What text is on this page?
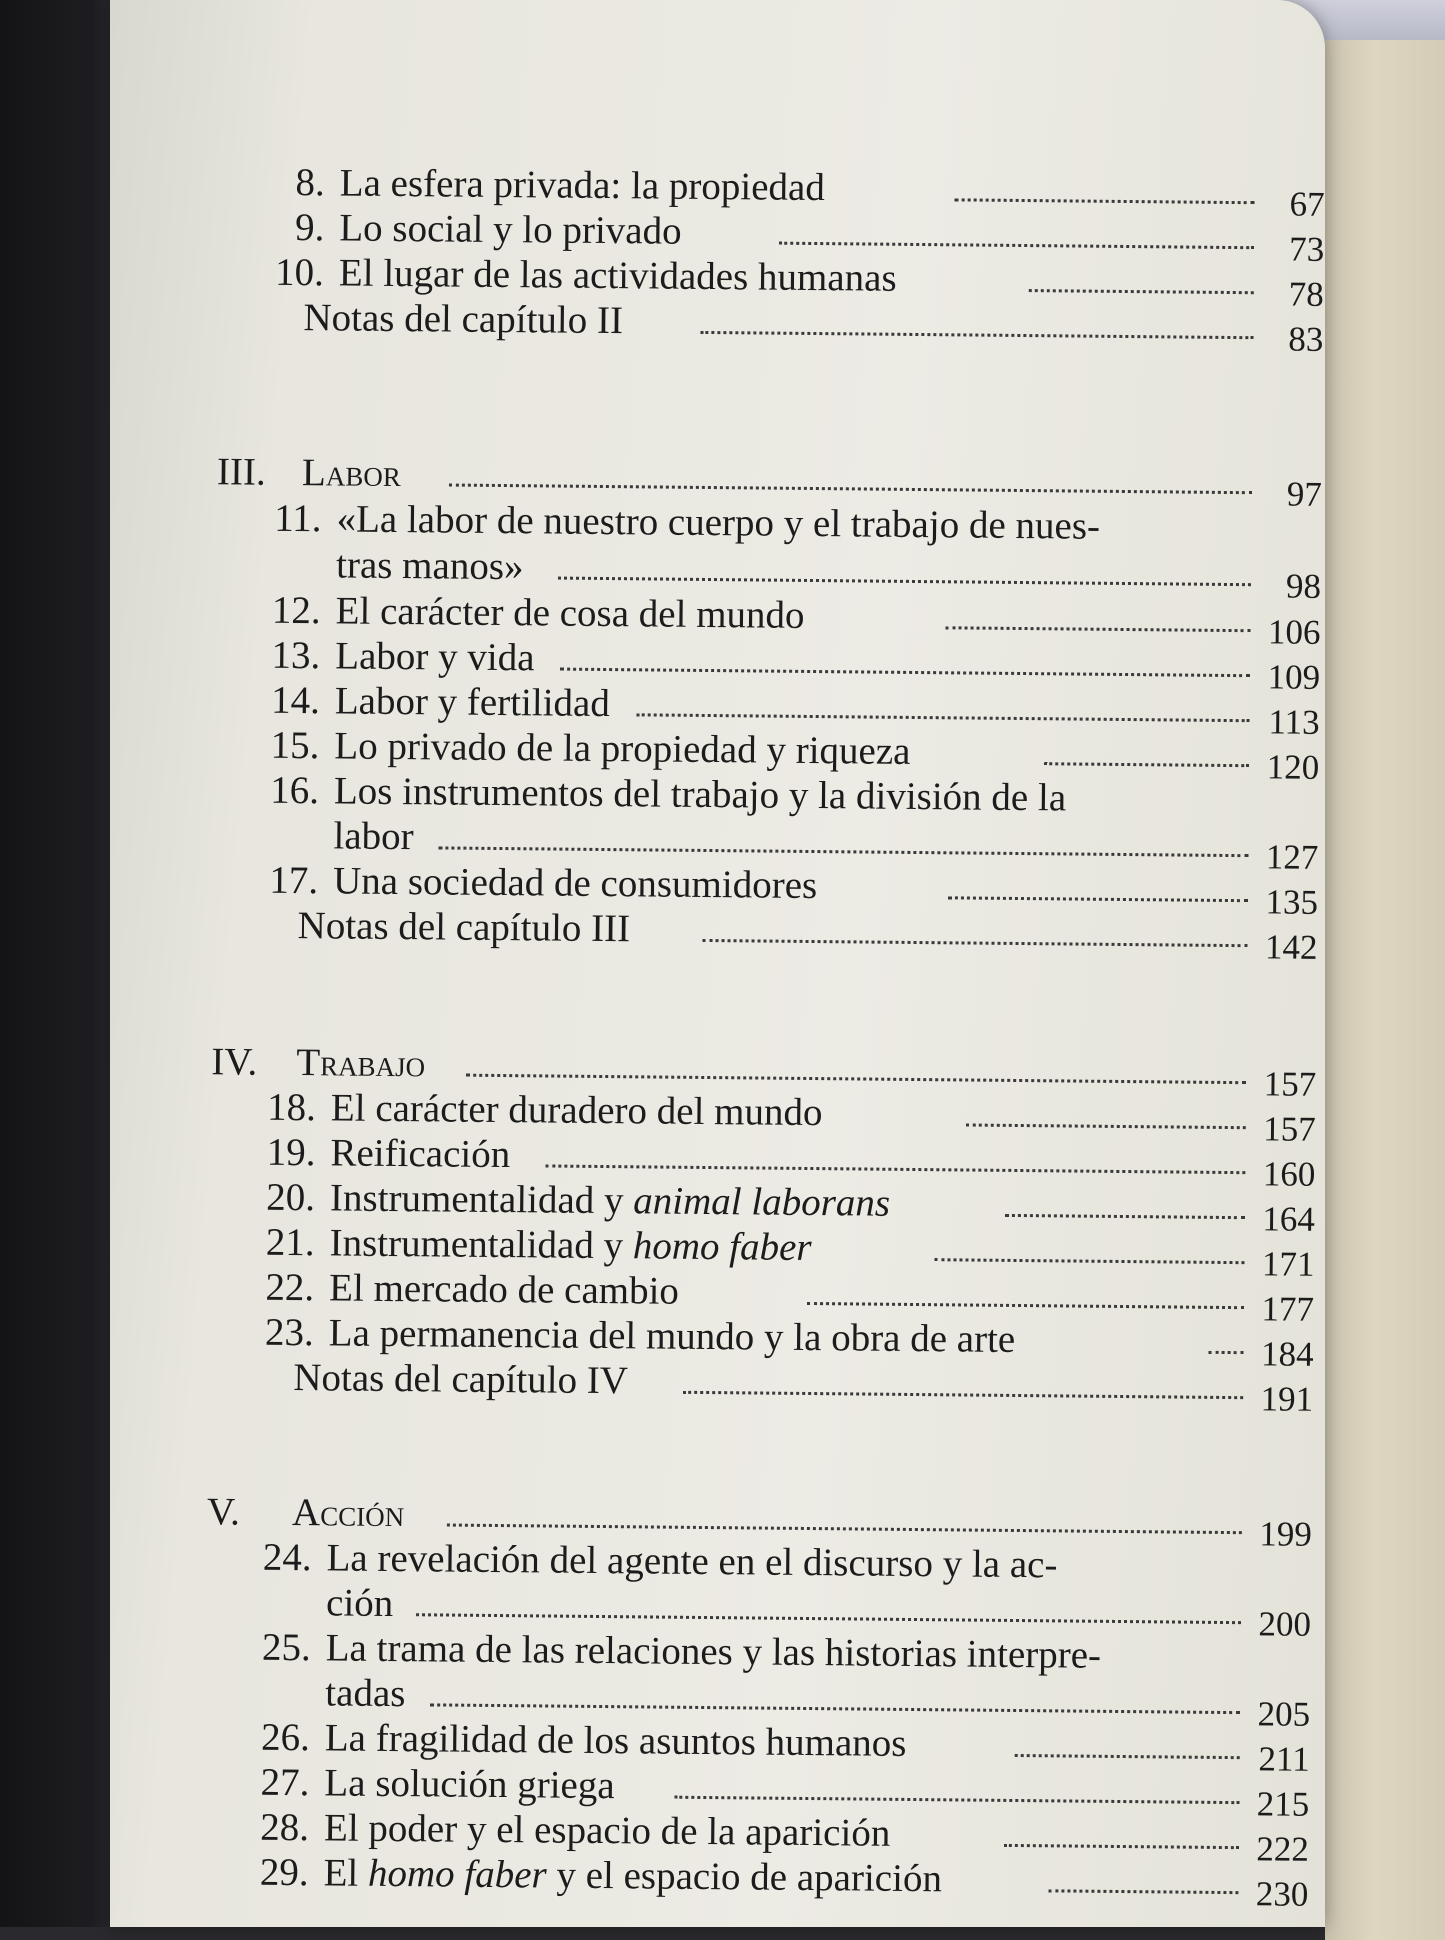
8. La esfera privada: la propiedad	67
9. Lo social y lo privado	73
10. El lugar de las actividades humanas	78
Notas del capítulo II	83
III. Labor	97
11. «La labor de nuestro cuerpo y el trabajo de nues-
tras manos»	98
12. El carácter de cosa del mundo	106
13. Labor y vida	109
14. Labor y fertilidad	113
15. Lo privado de la propiedad y riqueza	120
16. Los instrumentos del trabajo y la división de la
labor	127
17. Una sociedad de consumidores	135
Notas del capítulo III	142
IV. Trabajo	157
18. El carácter duradero del mundo	157
19. Reificación	160
20. Instrumentalidad y animal laborans	164
21. Instrumentalidad y homo faber	171
22. El mercado de cambio	177
23. La permanencia del mundo y la obra de arte	184
Notas del capítulo IV	191
V. Acción	199
24. La revelación del agente en el discurso y la ac-
ción	200
25. La trama de las relaciones y las historias interpre-
tadas	205
26. La fragilidad de los asuntos humanos	211
27. La solución griega	215
28. El poder y el espacio de la aparición	222
29. El homo faber y el espacio de aparición	230
